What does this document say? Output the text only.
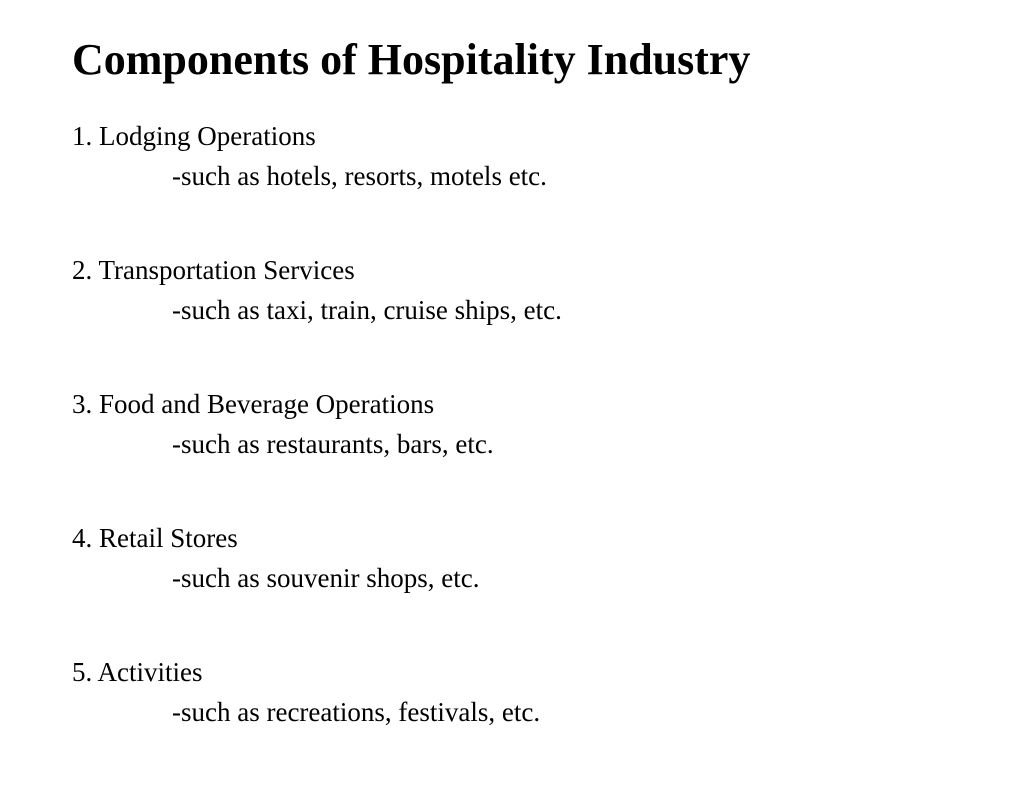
Components of Hospitality Industry
1. Lodging Operations
-such as hotels, resorts, motels etc.
2. Transportation Services
-such as taxi, train, cruise ships, etc.
3. Food and Beverage Operations
-such as restaurants, bars, etc.
4. Retail Stores
-such as souvenir shops, etc.
5. Activities
-such as recreations, festivals, etc.
